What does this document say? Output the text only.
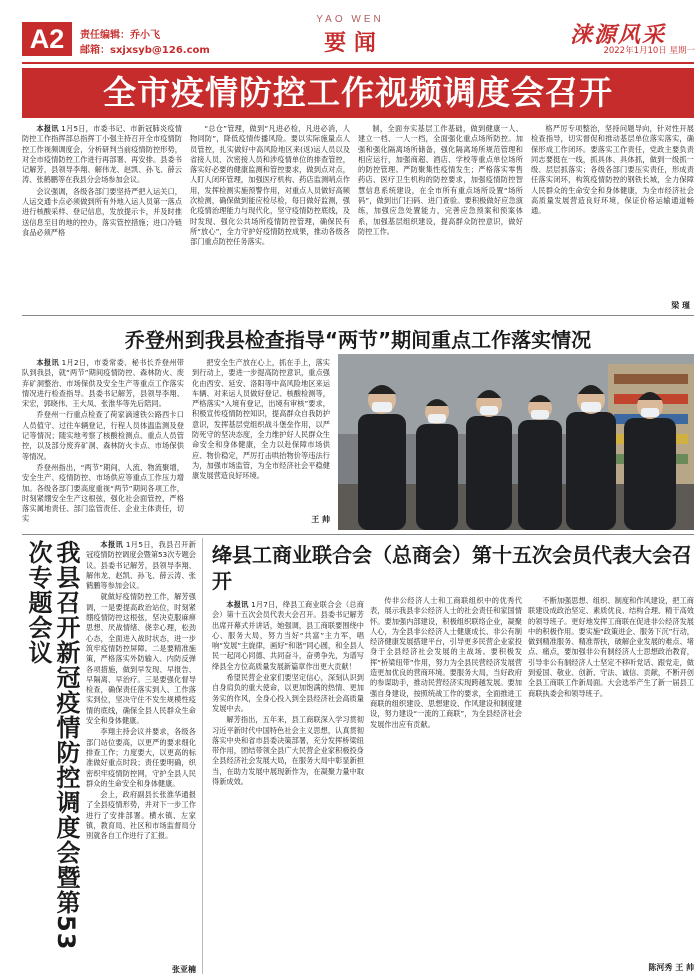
A2	责任编辑：乔小飞
邮箱：sxjxsyb@126.com
YAO WEN
要 闻	涞源风采
2022年1月10日 星期一
全市疫情防控工作视频调度会召开

本报讯 1月5日，市委书记、市新冠肺炎疫情防控工作指挥部总指挥丁小强主持召开全市疫情防控工作视频调度会，分析研判当前疫情防控形势，对全市疫情防控工作进行再部署、再安排。县委书记解芳，县领导李翔、解伟龙、赵凯、孙飞、薛云涛、张鹤鹏等在我县分会场参加会议。

会议强调，各级各部门要坚持严把入运关口，人运交通卡点必须做到所有外地入运人员第一落点进行核酸采样、登记信息，发放提示卡，并及时推送信息至目的地的控办，落实管控措施；进口冷链食品必须严格

“总仓”管理，做到“凡进必检，凡进必消，人物同防”，降低疫情传播风险。要以实际施量点人员管控，扎实做好中高风险地区来(返)运人员以及省接人员、次密接人员和涉疫情单位的排查管控，落实好必要的健康监测和管控要求，做到点对点，人盯人闭环管理，加强医疗机构、药店监测哨点作用，发挥检测实施预警作用，对重点人员做好高频次检测，确保做到能应检尽检，每日做好监测，强化疫情治理能力与现代化，坚守疫情防控底线，及时发现、强化公共场所疫情防控管理，确保民有所“放心”，全力守护好疫情防控成果，推动各级各部门重点防控任务落实。

制，全面夯实基层工作基础，做到健康一人、建立一档、一人一档，全面强化重点场所防控。加强和强化隔离场所储备，强化隔离场所规范管理和相应运行，加强商超、酒店、学校等重点单位场所的防控管理。严防聚集性疫情发生；严格落实零售药店、医疗卫生机构的防控要求，加强疫情防控智慧信息系统建设，在全市所有重点场所设置“场所码”，做到出门扫码、进门查验。要积极做好应急演练，加强应急处置能力，完善应急预案和预案体系，加强基层组织建设，提高群众防控意识，做好防控工作。

格严厉专项整治，坚持问题导向，针对性开展检查指导，切实督促和推动基层单位落实落实，确保形成工作闭环。要落实工作责任，党政主要负责同志要挺在一线，抓具体、具体抓，做到一级抓一级、层层抓落实；各级各部门要压实责任，形成责任落实闭环，构筑疫情防控的钢铁长城，全力保障人民群众的生命安全和身体健康，为全市经济社会高质量发展营造良好环境，保证价格运输通道畅通。

梁 瑾
乔登州到我县检查指导“两节”期间重点工作落实情况

本报讯 1月2日，市委常委、秘书长乔登州带队到我县，就“两节”期间疫情防控、森林防火、废弃矿洞整治、市场保供及安全生产等重点工作落实情况进行检查指导。县委书记解芳，县领导李翔、宋宏，郭晓伟、王大凤、张淮华等先后陪同。

乔登州一行重点检查了荷家滴速铁公路西卡口人员值守、过往车辆登记，行程人员体温监测及登记等情况；随实地考察了核酸检测点、重点人员管控，以及部分废弃矿洞、森林防火卡点、市场保供等情况。

乔登州指出，“两节”期间，人流、物流聚增，安全生产、疫情防控、市场供应等重点工作压力增加。各级各部门要高度重视“两节”期间各项工作，时刻紧绷安全生产这根弦，强化社会面管控，严格落实属地责任、部门监管责任、企业主体责任，切实

把安全生产放在心上，抓在手上，落实到行动上，要进一步提高防控意识，重点强化由西安、延安、洛阳等中高风险地区来运车辆、对来运人员做好登记、核酸检测等，严格落实“入境有登记，出境有审核”要求，积极宣传疫情防控知识，提高群众自我防护意识，发挥基层党组织战斗堡垒作用，以严防死守的坚决态度，全力维护好人民群众生命安全和身体健康，全力以赴保障市场供应、物价稳定，严厉打击哄抬物价等违法行为，加强市场监管，为全市经济社会平稳健康发展营造良好环境。

王 帅
我县召开新冠疫情防控调度会暨第53次专题会议	本报讯 1月5日，我县召开新冠疫情防控调度会暨第53次专题会议。县委书记解芳，县领导李翔、解伟龙、赵凯、孙飞、薛云涛、张鹤鹏等参加会议。

就做好疫情防控工作，解芳强调，一是要提高政治站位，时刻紧绷疫情防控这根弦，坚决克服麻痹思想、厌战情绪、侥幸心理，松劲心态，全面进入战时状态，进一步筑牢疫情防控屏障。二是要精准施策，严格落实外防输入、内防反弹各项措施，做到早发现、早报告、早隔离、早治疗。三是要强化督导检查，确保责任落实到人、工作落实到位，坚决守住不发生规模性疫情的底线，确保全县人民群众生命安全和身体健康。

李翔主持会议并要求，各级各部门站位要高，以更严的要求细化排查工作；力度要大，以更高的标准做好重点时段；责任要明确，织密织牢疫情防控网，守护全县人民群众的生命安全和身体健康。

会上，政府副县长张淮华通报了全县疫情形势，并对下一步工作进行了安排部署。横水镇、左家镇，教育局、社区和市场监督局分别就各自工作进行了汇报。

张亚楠
绛县工商业联合会（总商会）第十五次会员代表大会召开

本报讯 1月7日，绛县工商业联合会（总商会）第十五次会员代表大会召开。县委书记解芳出席开幕式并讲话，她强调，县工商联要围绕中心、服务大局，努力当好“共富”主力军，唱响“发展”主旋律，画好“和谐”同心圆，和全县人民一起同心同德、共同奋斗，奋勇争先，为谱写绛县全方位高质量发展新篇章作出更大贡献！

希望民营企业家们要坚定信心，深刻认识到自身肩负的重大使命，以更加饱满的热情、更加务实的作风，全身心投入到全县经济社会高质量发展中去。

解芳指出，五年来，县工商联深入学习贯彻习近平新时代中国特色社会主义思想，认真贯彻落实中央和省市县委决策部署，充分发挥桥梁纽带作用，团结带领全县广大民营企业家积极投身全县经济社会发展大局，在服务大局中彰显新担当，在助力发展中展现新作为，在凝聚力量中取得新成效。

传非公经济人士和工商联组织中的优秀代表，展示我县非公经济人士的社会责任和家国情怀。要加强内部建设，积极组织联络企业，凝聚人心，为全县非公经济人士健康成长、非公有制经济健康发展搭建平台，引导更多民营企业家投身于全县经济社会发展的主战场。要积极发挥“桥梁纽带”作用，努力为全县民营经济发展营造更加优良的营商环境。要服务大局，当好政府的参谋助手，推动民营经济实现跨越发展。要加强自身建设，按照统战工作的要求，全面推进工商联的组织建设、思想建设、作风建设和制度建设，努力建设“一流的工商联”，为全县经济社会发展作出应有贡献。

不断加强思想、组织、制度和作风建设，把工商联建设成政治坚定、素质优良、结构合理、精干高效的领导班子。更好地发挥工商联在促进非公经济发展中的积极作用。要实施“政策进企、服务下沉”行动，做到精准服务、精准帮扶，破解企业发展的难点、堵点、痛点，要加强非公有制经济人士思想政治教育，引导非公有制经济人士坚定不移听党话、跟党走，做到爱国、敬业、创新、守法、诚信、贡献，不断开创全县工商联工作新局面。大会选举产生了新一届县工商联执委会和领导班子。

陈河秀 王 帅
